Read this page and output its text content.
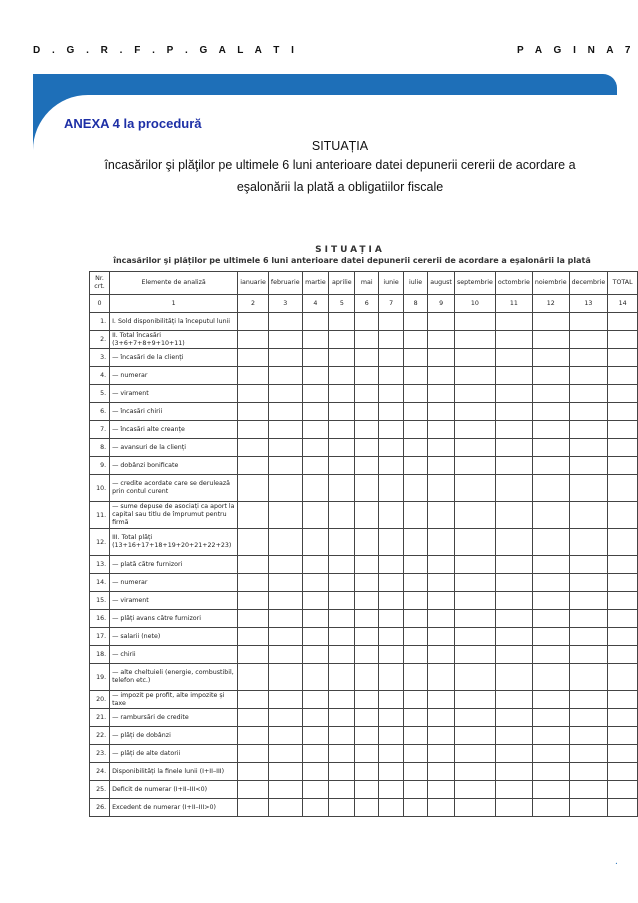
D . G . R . F . P . G A L A T I	P A G I N A 7
ANEXA 4 la procedură
SITUAȚIA
încasărilor şi plăţilor pe ultimele 6 luni anterioare datei depunerii cererii de acordare a
eşalonării la plată a obligatiilor fiscale
SITUAȚIA
încasărilor şi plăților pe ultimele 6 luni anterioare datei depunerii cererii de acordare a eşalonării la plată
Nr. crt.	Elemente de analiză	ianuarie	februarie	martie	aprilie	mai	iunie	iulie	august	septembrie	octombrie	noiembrie	decembrie	TOTAL
0	1	2	3	4	5	6	7	8	9	10	11	12	13	14
1.	I. Sold disponibilități la începutul lunii													
2.	II. Total încasări (3+6+7+8+9+10+11)													
3.	— încasări de la clienți													
4.	— numerar													
5.	— virament													
6.	— încasări chirii													
7.	— încasări alte creanțe													
8.	— avansuri de la clienți													
9.	— dobânzi bonificate													
10.	— credite acordate care se derulează prin contul curent													
11.	— sume depuse de asociați ca aport la capital sau titlu de împrumut pentru firmă													
12.	III. Total plăți (13+16+17+18+19+20+21+22+23)													
13.	— plată către furnizori													
14.	— numerar													
15.	— virament													
16.	— plăți avans către furnizori													
17.	— salarii (nete)													
18.	— chirii													
19.	— alte cheltuieli (energie, combustibil, telefon etc.)													
20.	— impozit pe profit, alte impozite și taxe													
21.	— rambursări de credite													
22.	— plăți de dobânzi													
23.	— plăți de alte datorii													
24.	Disponibilități la finele lunii (I+II–III)													
25.	Deficit de numerar (I+II–III<0)													
26.	Excedent de numerar (I+II–III>0)													
